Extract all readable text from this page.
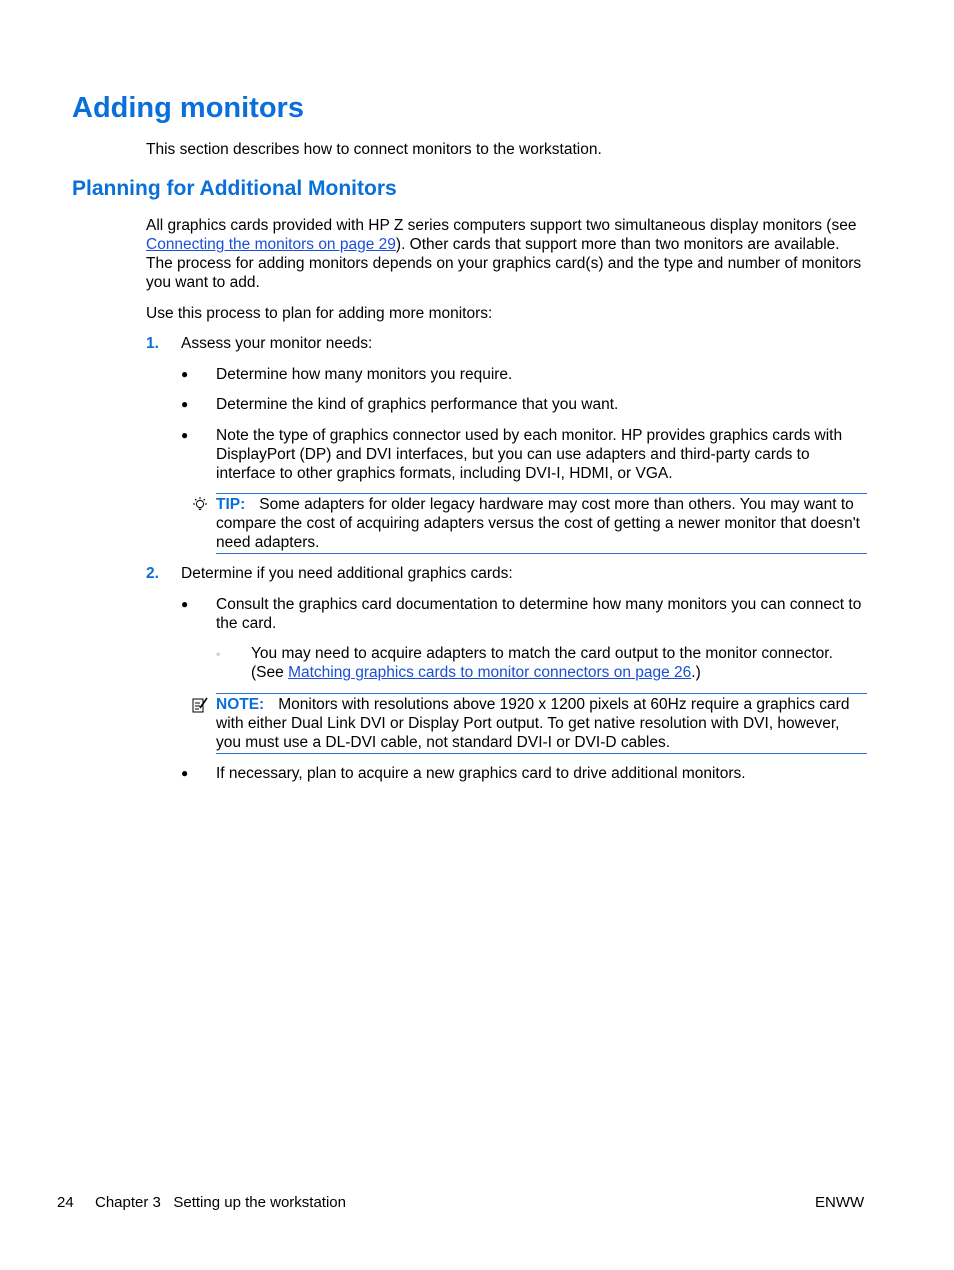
Adding monitors

This section describes how to connect monitors to the workstation.

Planning for Additional Monitors

All graphics cards provided with HP Z series computers support two simultaneous display monitors (see Connecting the monitors on page 29). Other cards that support more than two monitors are available. The process for adding monitors depends on your graphics card(s) and the type and number of monitors you want to add.

Use this process to plan for adding more monitors:

1. Assess your monitor needs:

● Determine how many monitors you require.

● Determine the kind of graphics performance that you want.

● Note the type of graphics connector used by each monitor. HP provides graphics cards with DisplayPort (DP) and DVI interfaces, but you can use adapters and third-party cards to interface to other graphics formats, including DVI-I, HDMI, or VGA.

TIP: Some adapters for older legacy hardware may cost more than others. You may want to compare the cost of acquiring adapters versus the cost of getting a newer monitor that doesn't need adapters.
2. Determine if you need additional graphics cards:

● Consult the graphics card documentation to determine how many monitors you can connect to the card.

◦ You may need to acquire adapters to match the card output to the monitor connector. (See Matching graphics cards to monitor connectors on page 26.)

NOTE: Monitors with resolutions above 1920 x 1200 pixels at 60Hz require a graphics card with either Dual Link DVI or Display Port output. To get native resolution with DVI, however, you must use a DL-DVI cable, not standard DVI-I or DVI-D cables.
● If necessary, plan to acquire a new graphics card to drive additional monitors.

24 Chapter 3   Setting up the workstation	ENWW
